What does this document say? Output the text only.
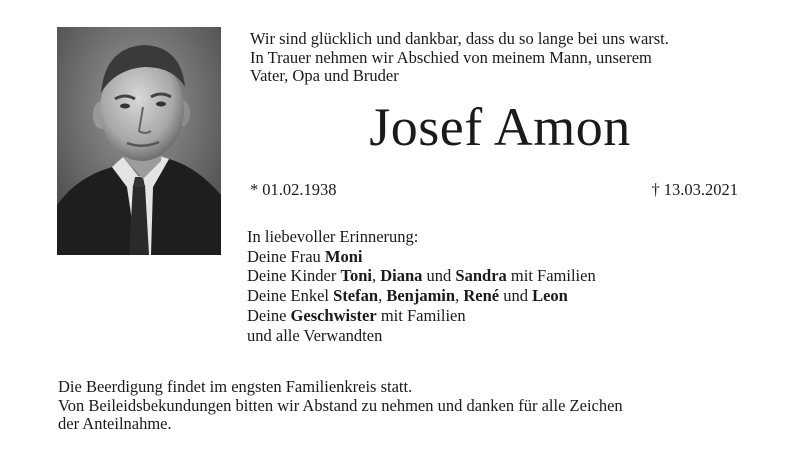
Wir sind glücklich und dankbar, dass du so lange bei uns warst.
In Trauer nehmen wir Abschied von meinem Mann, unserem
Vater, Opa und Bruder
Josef Amon
* 01.02.1938	† 13.03.2021
In liebevoller Erinnerung:
Deine Frau Moni
Deine Kinder Toni, Diana und Sandra mit Familien
Deine Enkel Stefan, Benjamin, René und Leon
Deine Geschwister mit Familien
und alle Verwandten
Die Beerdigung findet im engsten Familienkreis statt.
Von Beileidsbekundungen bitten wir Abstand zu nehmen und danken für alle Zeichen
der Anteilnahme.
